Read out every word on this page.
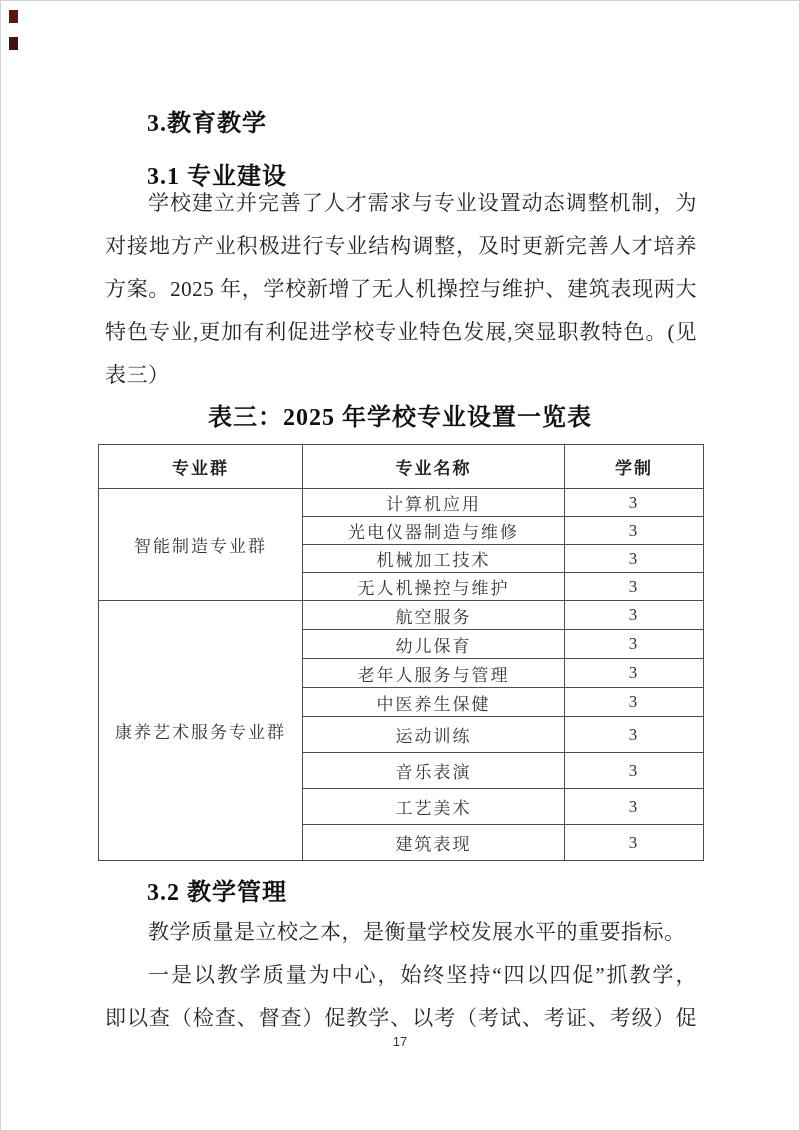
3.教育教学
3.1 专业建设
学校建立并完善了人才需求与专业设置动态调整机制，为
对接地方产业积极进行专业结构调整，及时更新完善人才培养
方案。2025 年，学校新增了无人机操控与维护、建筑表现两大
特色专业,更加有利促进学校专业特色发展,突显职教特色。(见
表三）
表三：2025 年学校专业设置一览表
专业群	专业名称	学制
智能制造专业群	计算机应用	3
	光电仪器制造与维修	3
	机械加工技术	3
	无人机操控与维护	3
康养艺术服务专业群	航空服务	3
	幼儿保育	3
	老年人服务与管理	3
	中医养生保健	3
	运动训练	3
	音乐表演	3
	工艺美术	3
	建筑表现	3
3.2 教学管理
教学质量是立校之本，是衡量学校发展水平的重要指标。
一是以教学质量为中心，始终坚持“四以四促”抓教学，
即以查（检查、督查）促教学、以考（考试、考证、考级）促
17
